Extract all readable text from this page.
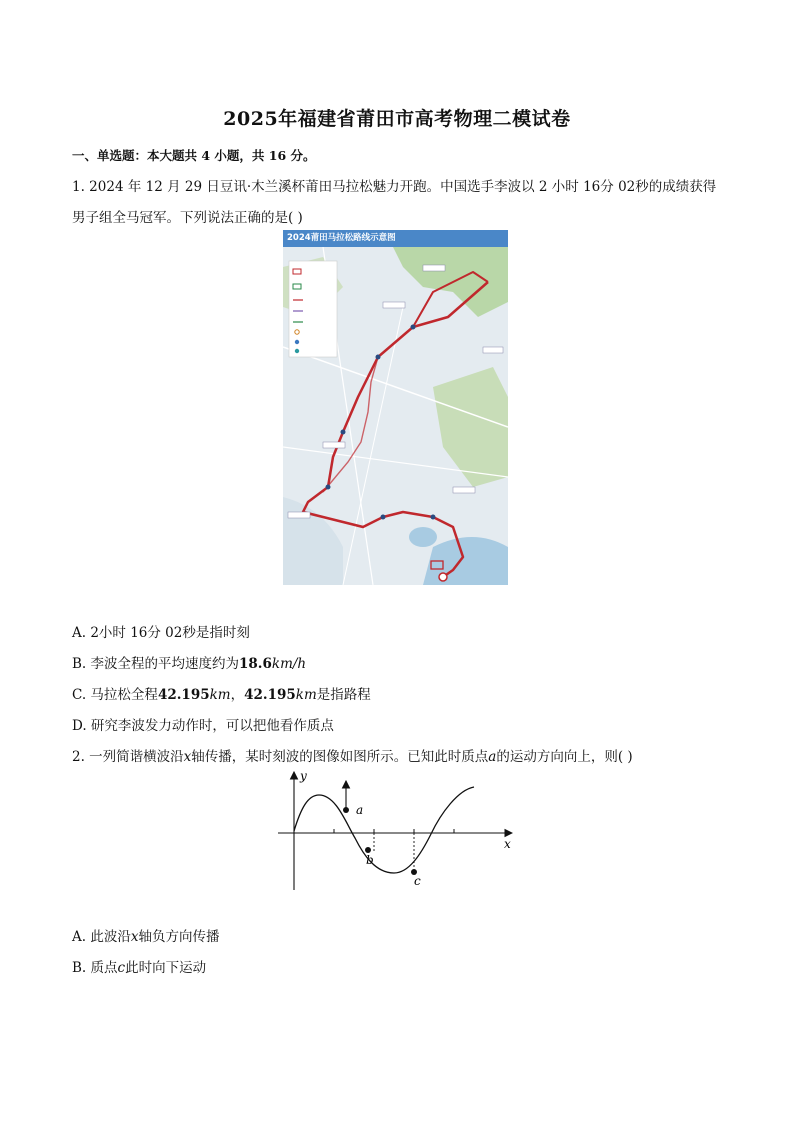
2025年福建省莆田市高考物理二模试卷
一、单选题：本大题共 4 小题，共 16 分。
1. 2024 年 12 月 29 日豆讯·木兰溪杯莆田马拉松魅力开跑。中国选手李波以 2 小时 16分 02秒的成绩获得
男子组全马冠军。下列说法正确的是( )
2024莆田马拉松路线示意图
A. 2小时 16分 02秒是指时刻
B. 李波全程的平均速度约为18.6km/h
C. 马拉松全程42.195km，42.195km是指路程
D. 研究李波发力动作时，可以把他看作质点
2. 一列简谐横波沿x轴传播，某时刻波的图像如图所示。已知此时质点a的运动方向向上，则( )
y
x
a
b
c
A. 此波沿x轴负方向传播
B. 质点c此时向下运动
